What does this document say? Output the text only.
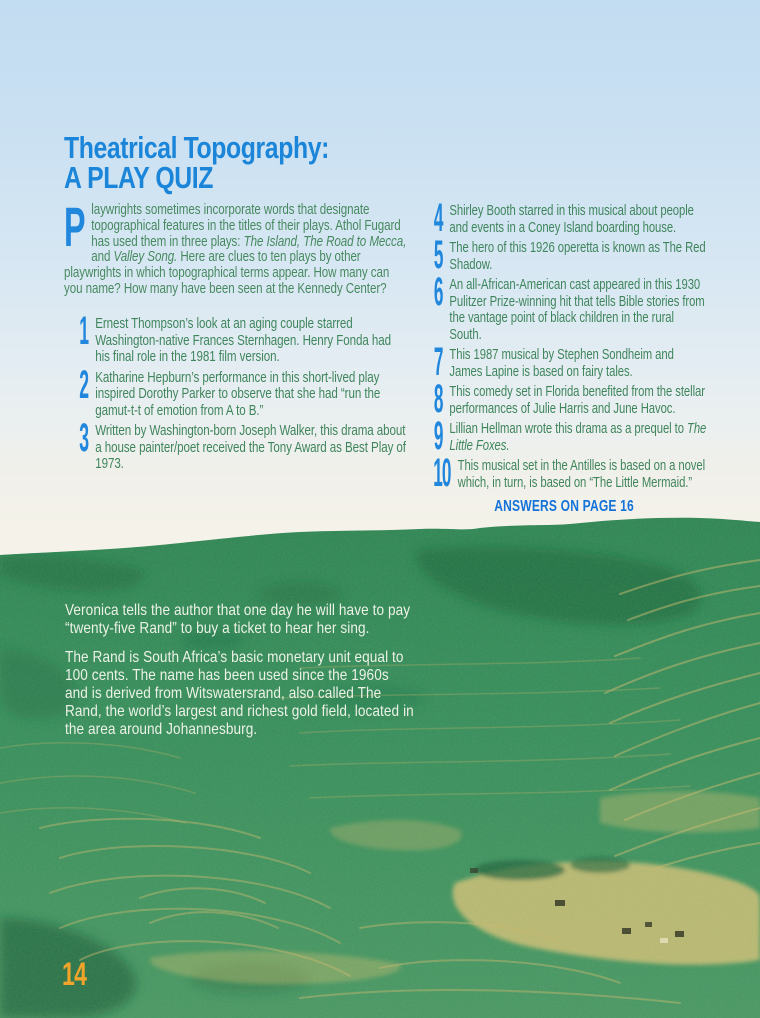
Theatrical Topography:
A PLAY QUIZ
Playwrights sometimes incorporate words that designate topographical features in the titles of their plays. Athol Fugard has used them in three plays: The Island, The Road to Mecca, and Valley Song. Here are clues to ten plays by other playwrights in which topographical terms appear. How many can you name? How many have been seen at the Kennedy Center?
1 Ernest Thompson’s look at an aging couple starred Washington-native Frances Sternhagen. Henry Fonda had his final role in the 1981 film version.

2 Katharine Hepburn’s performance in this short-lived play inspired Dorothy Parker to observe that she had “run the gamut-t-t of emotion from A to B.”

3 Written by Washington-born Joseph Walker, this drama about a house painter/poet received the Tony Award as Best Play of 1973.

4 Shirley Booth starred in this musical about people and events in a Coney Island boarding house.

5 The hero of this 1926 operetta is known as The Red Shadow.

6 An all-African-American cast appeared in this 1930 Pulitzer Prize-winning hit that tells Bible stories from the vantage point of black children in the rural South.

7 This 1987 musical by Stephen Sondheim and James Lapine is based on fairy tales.

8 This comedy set in Florida benefited from the stellar performances of Julie Harris and June Havoc.

9 Lillian Hellman wrote this drama as a prequel to The Little Foxes.

10 This musical set in the Antilles is based on a novel which, in turn, is based on “The Little Mermaid.”

ANSWERS ON PAGE 16

Veronica tells the author that one day he will have to pay “twenty-five Rand” to buy a ticket to hear her sing.

The Rand is South Africa’s basic monetary unit equal to 100 cents. The name has been used since the 1960s and is derived from Witswatersrand, also called The Rand, the world’s largest and richest gold field, located in the area around Johannesburg.

14
